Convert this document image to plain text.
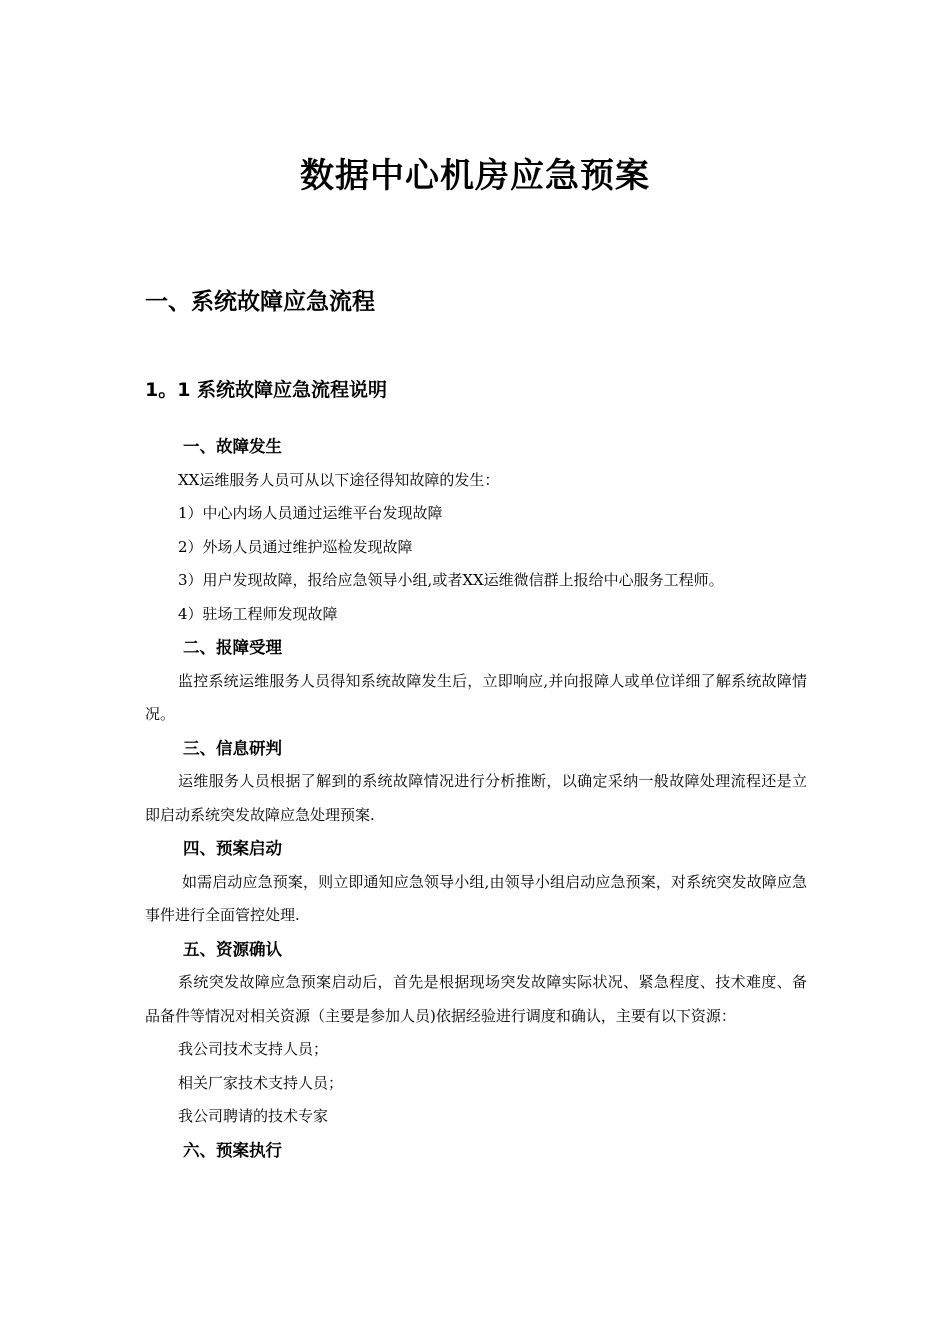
数据中心机房应急预案
一、系统故障应急流程
1。1 系统故障应急流程说明
一、故障发生
XX运维服务人员可从以下途径得知故障的发生：
1）中心内场人员通过运维平台发现故障
2）外场人员通过维护巡检发现故障
3）用户发现故障，报给应急领导小组,或者XX运维微信群上报给中心服务工程师。
4）驻场工程师发现故障
二、报障受理

监控系统运维服务人员得知系统故障发生后，立即响应,并向报障人或单位详细了解系统故障情况。

三、信息研判

运维服务人员根据了解到的系统故障情况进行分析推断，以确定采纳一般故障处理流程还是立即启动系统突发故障应急处理预案.

四、预案启动

如需启动应急预案，则立即通知应急领导小组,由领导小组启动应急预案，对系统突发故障应急事件进行全面管控处理.

五、资源确认

系统突发故障应急预案启动后，首先是根据现场突发故障实际状况、紧急程度、技术难度、备品备件等情况对相关资源（主要是参加人员)依据经验进行调度和确认，主要有以下资源：

我公司技术支持人员；
相关厂家技术支持人员；
我公司聘请的技术专家
六、预案执行
